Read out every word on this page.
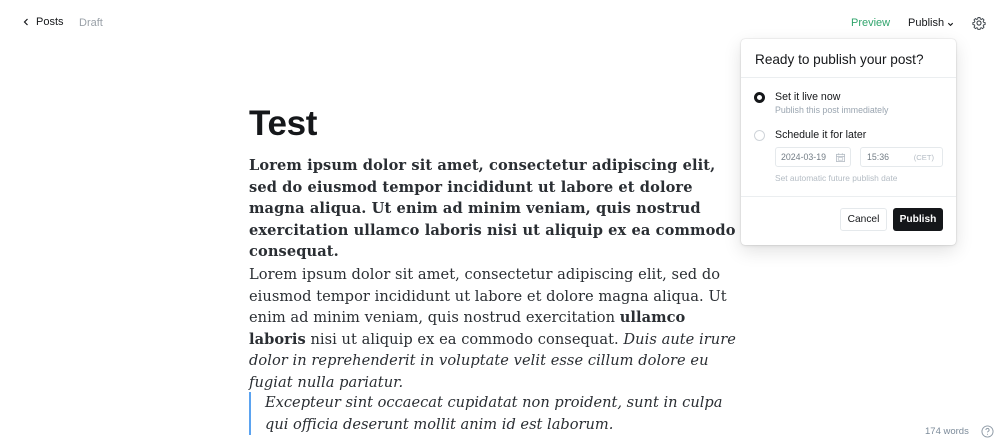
Posts Draft	Preview Publish
Test
Lorem ipsum dolor sit amet, consectetur adipiscing elit, sed do eiusmod tempor incididunt ut labore et dolore magna aliqua. Ut enim ad minim veniam, quis nostrud exercitation ullamco laboris nisi ut aliquip ex ea commodo consequat.
Lorem ipsum dolor sit amet, consectetur adipiscing elit, sed do eiusmod tempor incididunt ut labore et dolore magna aliqua. Ut enim ad minim veniam, quis nostrud exercitation ullamco laboris nisi ut aliquip ex ea commodo consequat. Duis aute irure dolor in reprehenderit in voluptate velit esse cillum dolore eu fugiat nulla pariatur.
Excepteur sint occaecat cupidatat non proident, sunt in culpa qui officia deserunt mollit anim id est laborum.	174 words
Ready to publish your post?
Set it live now
Publish this post immediately
Schedule it for later
2024-03-19	15:36	(CET)
Set automatic future publish date
Cancel	Publish
